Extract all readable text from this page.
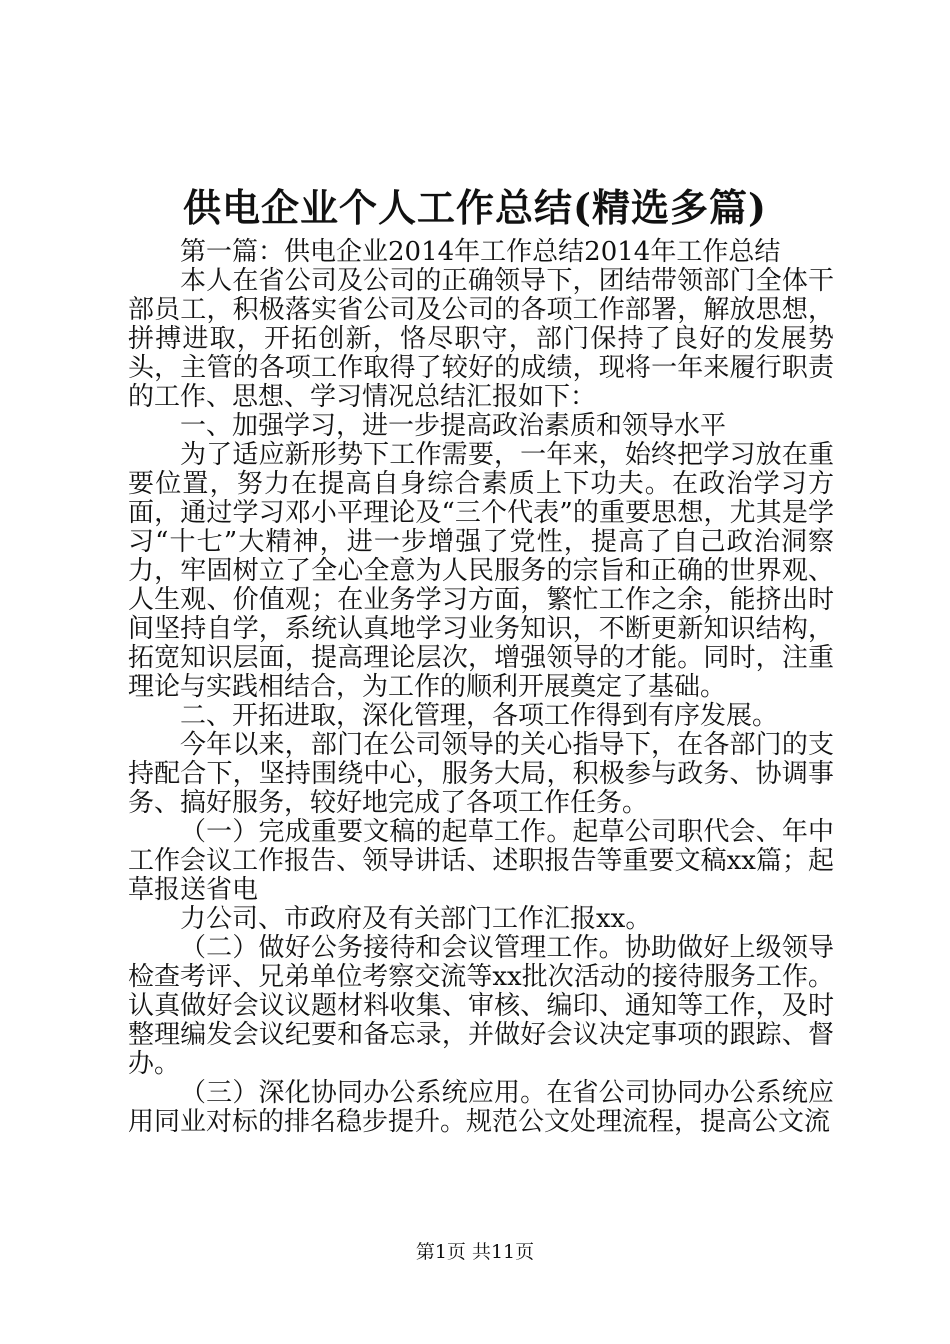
供电企业个人工作总结(精选多篇)

第一篇：供电企业2014年工作总结2014年工作总结

本人在省公司及公司的正确领导下，团结带领部门全体干部员工，积极落实省公司及公司的各项工作部署，解放思想，拼搏进取，开拓创新，恪尽职守，部门保持了良好的发展势头，主管的各项工作取得了较好的成绩，现将一年来履行职责的工作、思想、学习情况总结汇报如下：

一、加强学习，进一步提高政治素质和领导水平

为了适应新形势下工作需要，一年来，始终把学习放在重要位置，努力在提高自身综合素质上下功夫。在政治学习方面，通过学习邓小平理论及“三个代表”的重要思想，尤其是学习“十七”大精神，进一步增强了党性，提高了自己政治洞察力，牢固树立了全心全意为人民服务的宗旨和正确的世界观、人生观、价值观；在业务学习方面，繁忙工作之余，能挤出时间坚持自学，系统认真地学习业务知识，不断更新知识结构，拓宽知识层面，提高理论层次，增强领导的才能。同时，注重理论与实践相结合，为工作的顺利开展奠定了基础。

二、开拓进取，深化管理，各项工作得到有序发展。

今年以来，部门在公司领导的关心指导下，在各部门的支持配合下，坚持围绕中心，服务大局，积极参与政务、协调事务、搞好服务，较好地完成了各项工作任务。

（一）完成重要文稿的起草工作。起草公司职代会、年中工作会议工作报告、领导讲话、述职报告等重要文稿xx篇；起草报送省电

力公司、市政府及有关部门工作汇报xx。

（二）做好公务接待和会议管理工作。协助做好上级领导检查考评、兄弟单位考察交流等xx批次活动的接待服务工作。认真做好会议议题材料收集、审核、编印、通知等工作，及时整理编发会议纪要和备忘录，并做好会议决定事项的跟踪、督办。

（三）深化协同办公系统应用。在省公司协同办公系统应用同业对标的排名稳步提升。规范公文处理流程，提高公文流

第1页 共11页
